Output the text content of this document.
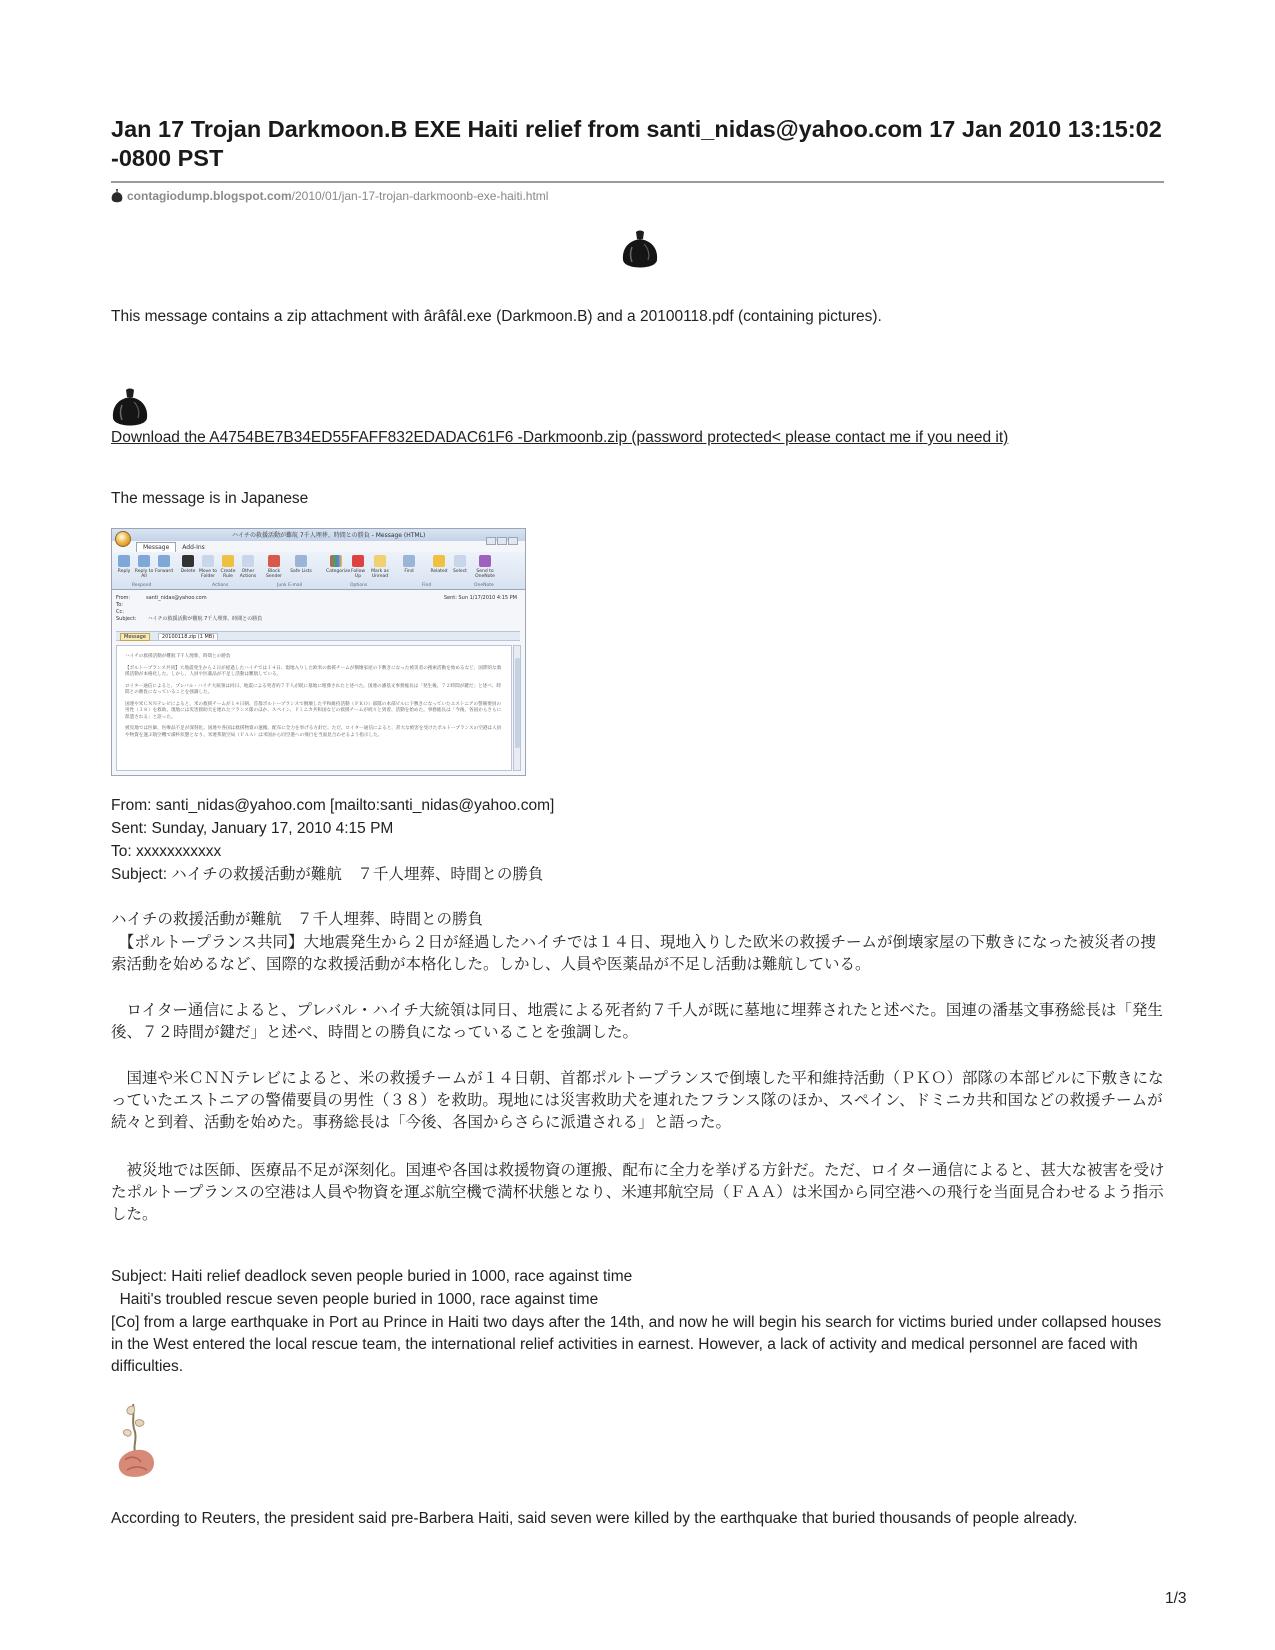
Jan 17 Trojan Darkmoon.B EXE Haiti relief from santi_nidas@yahoo.com 17 Jan 2010 13:15:02 -0800 PST
contagiodump.blogspot.com/2010/01/jan-17-trojan-darkmoonb-exe-haiti.html

This message contains a zip attachment with ârâfâl.exe (Darkmoon.B) and a 20100118.pdf (containing pictures).

Download the A4754BE7B34ED55FAFF832EDADAC61F6 -Darkmoonb.zip (password protected< please contact me if you need it)

The message is in Japanese

ハイチの救援活動が難航 7千人埋葬、時間との勝負 - Message (HTML)
Message Add-Ins
Reply	Reply to All
Forward	Delete Move to Folder
Create Rule
Other Actions
Block Sender
Safe Lists	Categorize Follow Up
Mark as Unread
Find	Related	Select	Send to OneNote
Respond	Actions	Junk E-mail	Options	Find	OneNote
From:	santi_nidas@yahoo.com
To:
Cc:
Subject: ハイチの救援活動が難航 7千人埋葬、時間との勝負
Sent: Sun 1/17/2010 4:15 PM
Message	20100118.zip (1 MB)

ハイチの救援活動が難航 7千人埋葬、時間との勝負

【ポルトープランス共同】大地震発生から２日が経過したハイチでは１４日、現地入りした欧米の救援チームが倒壊家屋の下敷きになった被災者の捜索活動を始めるなど、国際的な救援活動が本格化した。しかし、人員や医薬品が不足し活動は難航している。

ロイター通信によると、プレバル・ハイチ大統領は同日、地震による死者約７千人が既に墓地に埋葬されたと述べた。国連の潘基文事務総長は「発生後、７２時間が鍵だ」と述べ、時間との勝負になっていることを強調した。

国連や米ＣＮＮテレビによると、米の救援チームが１４日朝、首都ポルトープランスで倒壊した平和維持活動（ＰＫＯ）部隊の本部ビルに下敷きになっていたエストニアの警備要員の男性（３８）を救助。現地には災害救助犬を連れたフランス隊のほか、スペイン、ドミニカ共和国などの救援チームが続々と到着、活動を始めた。事務総長は「今後、各国からさらに派遣される」と語った。

被災地では医師、医療品不足が深刻化。国連や各国は救援物資の運搬、配布に全力を挙げる方針だ。ただ、ロイター通信によると、甚大な被害を受けたポルトープランスの空港は人員や物資を運ぶ航空機で満杯状態となり、米連邦航空局（ＦＡＡ）は米国から同空港への飛行を当面見合わせるよう指示した。

From: santi_nidas@yahoo.com [mailto:santi_nidas@yahoo.com]

Sent: Sunday, January 17, 2010 4:15 PM

To: xxxxxxxxxxx

Subject: ハイチの救援活動が難航　７千人埋葬、時間との勝負

ハイチの救援活動が難航　７千人埋葬、時間との勝負

　【ポルトープランス共同】大地震発生から２日が経過したハイチでは１４日、現地入りした欧米の救援チームが倒壊家屋の下敷きになった被災者の捜索活動を始めるなど、国際的な救援活動が本格化した。しかし、人員や医薬品が不足し活動は難航している。

　ロイター通信によると、プレバル・ハイチ大統領は同日、地震による死者約７千人が既に墓地に埋葬されたと述べた。国連の潘基文事務総長は「発生後、７２時間が鍵だ」と述べ、時間との勝負になっていることを強調した。

　国連や米ＣＮＮテレビによると、米の救援チームが１４日朝、首都ポルトープランスで倒壊した平和維持活動（ＰＫＯ）部隊の本部ビルに下敷きになっていたエストニアの警備要員の男性（３８）を救助。現地には災害救助犬を連れたフランス隊のほか、スペイン、ドミニカ共和国などの救援チームが続々と到着、活動を始めた。事務総長は「今後、各国からさらに派遣される」と語った。

　被災地では医師、医療品不足が深刻化。国連や各国は救援物資の運搬、配布に全力を挙げる方針だ。ただ、ロイター通信によると、甚大な被害を受けたポルトープランスの空港は人員や物資を運ぶ航空機で満杯状態となり、米連邦航空局（ＦＡＡ）は米国から同空港への飛行を当面見合わせるよう指示した。

Subject: Haiti relief deadlock seven people buried in 1000, race against time

Haiti's troubled rescue seven people buried in 1000, race against time

[Co] from a large earthquake in Port au Prince in Haiti two days after the 14th, and now he will begin his search for victims buried under collapsed houses in the West entered the local rescue team, the international relief activities in earnest. However, a lack of activity and medical personnel are faced with difficulties.

According to Reuters, the president said pre-Barbera Haiti, said seven were killed by the earthquake that buried thousands of people already.

1/3
